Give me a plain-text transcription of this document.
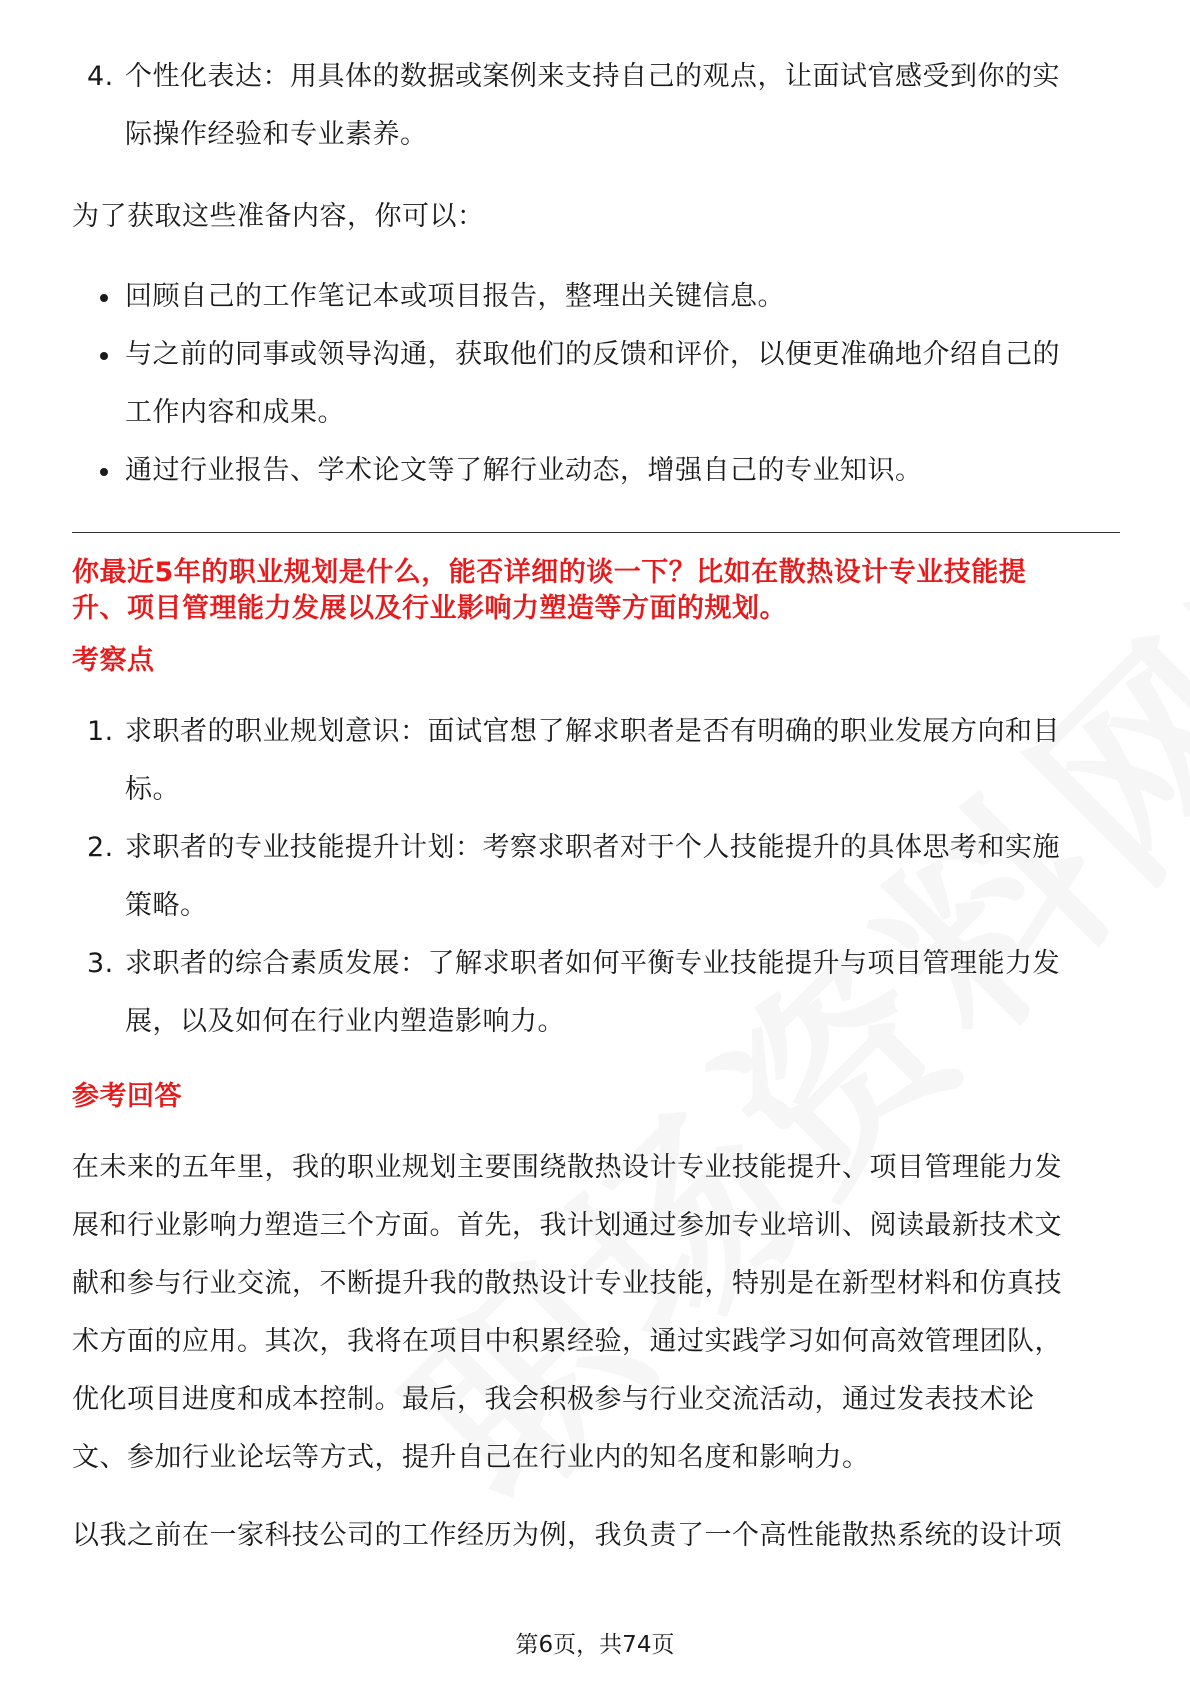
4. 个性化表达：用具体的数据或案例来支持自己的观点，让面试官感受到你的实
际操作经验和专业素养。
为了获取这些准备内容，你可以：
回顾自己的工作笔记本或项目报告，整理出关键信息。
与之前的同事或领导沟通，获取他们的反馈和评价，以便更准确地介绍自己的
工作内容和成果。
通过行业报告、学术论文等了解行业动态，增强自己的专业知识。
你最近5年的职业规划是什么，能否详细的谈一下？比如在散热设计专业技能提
升、项目管理能力发展以及行业影响力塑造等方面的规划。
考察点
1. 求职者的职业规划意识：面试官想了解求职者是否有明确的职业发展方向和目
标。
2. 求职者的专业技能提升计划：考察求职者对于个人技能提升的具体思考和实施
策略。
3. 求职者的综合素质发展：了解求职者如何平衡专业技能提升与项目管理能力发
展，以及如何在行业内塑造影响力。
参考回答
在未来的五年里，我的职业规划主要围绕散热设计专业技能提升、项目管理能力发
展和行业影响力塑造三个方面。首先，我计划通过参加专业培训、阅读最新技术文
献和参与行业交流，不断提升我的散热设计专业技能，特别是在新型材料和仿真技
术方面的应用。其次，我将在项目中积累经验，通过实践学习如何高效管理团队，
优化项目进度和成本控制。最后，我会积极参与行业交流活动，通过发表技术论
文、参加行业论坛等方式，提升自己在行业内的知名度和影响力。
以我之前在一家科技公司的工作经历为例，我负责了一个高性能散热系统的设计项
第6页，共74页
